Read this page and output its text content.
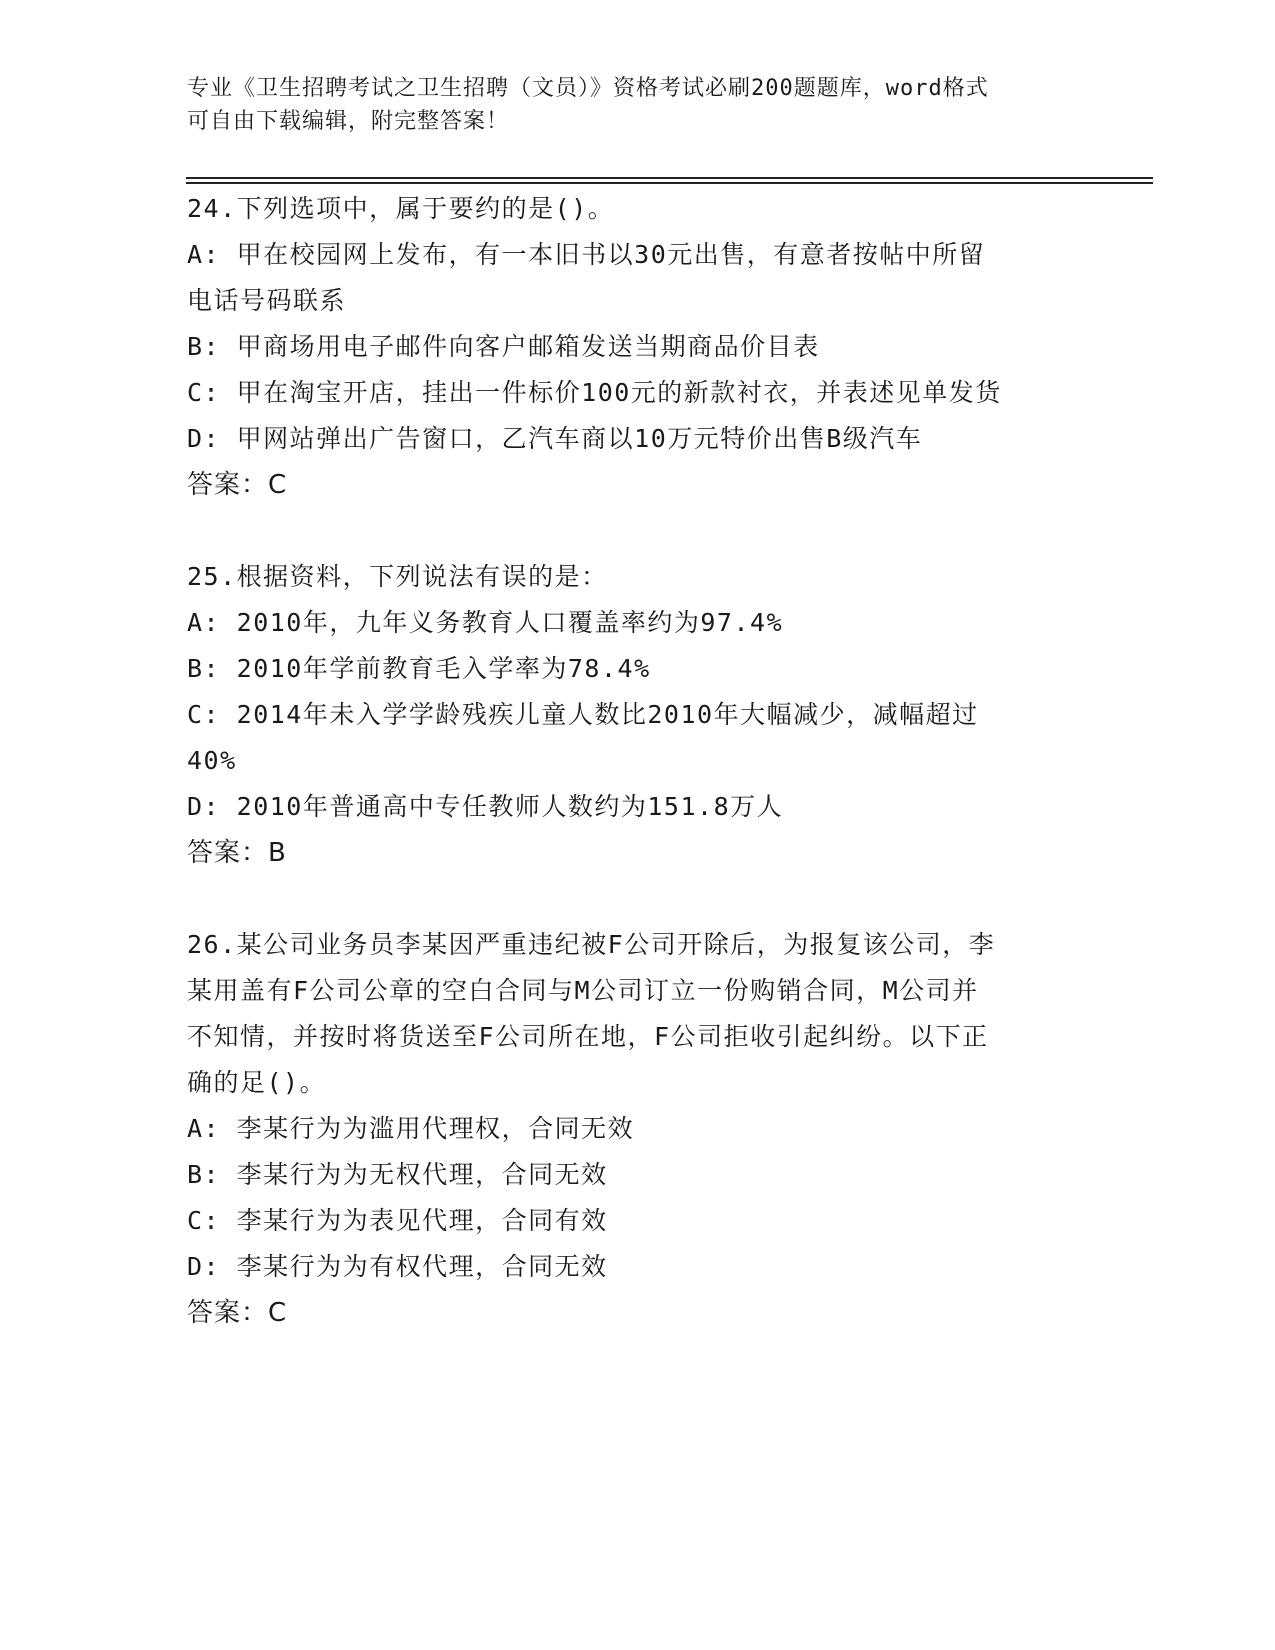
专业《卫生招聘考试之卫生招聘（文员）》资格考试必刷200题题库，word格式
可自由下载编辑，附完整答案！
24.下列选项中，属于要约的是()。
A: 甲在校园网上发布，有一本旧书以30元出售，有意者按帖中所留
电话号码联系
B: 甲商场用电子邮件向客户邮箱发送当期商品价目表
C: 甲在淘宝开店，挂出一件标价100元的新款衬衣，并表述见单发货
D: 甲网站弹出广告窗口，乙汽车商以10万元特价出售B级汽车
答案：C
25.根据资料，下列说法有误的是：
A: 2010年，九年义务教育人口覆盖率约为97.4%
B: 2010年学前教育毛入学率为78.4%
C: 2014年未入学学龄残疾儿童人数比2010年大幅减少，减幅超过
40%
D: 2010年普通高中专任教师人数约为151.8万人
答案：B
26.某公司业务员李某因严重违纪被F公司开除后，为报复该公司，李
某用盖有F公司公章的空白合同与M公司订立一份购销合同，M公司并
不知情，并按时将货送至F公司所在地，F公司拒收引起纠纷。以下正
确的足()。
A: 李某行为为滥用代理权，合同无效
B: 李某行为为无权代理，合同无效
C: 李某行为为表见代理，合同有效
D: 李某行为为有权代理，合同无效
答案：C
